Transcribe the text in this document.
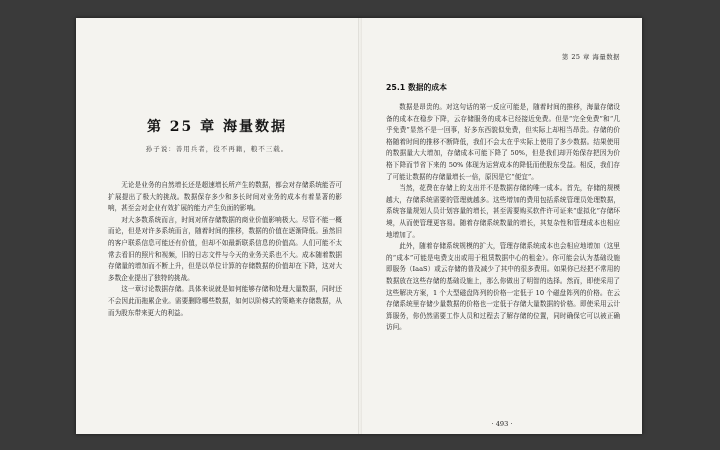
第 25 章 海量数据
孙子说：善用兵者，役不再籍，粮不三载。

无论是业务的自然增长还是超速增长所产生的数据，都会对存储系统能否可扩展提出了极大的挑战。数据保存多少和多长时间对业务的成本有着显著的影响，甚至会对企业有效扩展的能力产生负面的影响。

对大多数系统而言，时间对所存储数据的商业价值影响极大。尽管不能一概而论，但是对许多系统而言，随着时间的推移，数据的价值在逐渐降低。虽然旧的客户联系信息可能还有价值，但却不如最新联系信息的价值高。人们可能不太常去看旧的照片和视频，旧的日志文件与今天的业务关系也不大。成本随着数据存储量的增加而不断上升，但是以单位计算的存储数据的价值却在下降，这对大多数企业提出了独特的挑战。

这一章讨论数据存储。具体来说就是如何能够存储和处理大量数据，同时还不会因此而拖累企业。需要删除哪些数据，如何以阶梯式的策略来存储数据，从而为股东带来更大的利益。

第 25 章 海量数据
25.1 数据的成本

数据是昂贵的。对这句话的第一反应可能是，随着时间的推移，海量存储设备的成本在稳步下降，云存储服务的成本已经接近免费。但是“完全免费”和“几乎免费”显然不是一回事，好多东西貌似免费，但实际上却相当昂贵。存储的价格随着时间的推移不断降低，我们不会太在乎实际上使用了多少数据。结果使用的数据量大大增加，存储成本可能下降了 50%，但是我们却开始保存把因为价格下降而节省下来的 50% 体现为运营成本的降低而使股东受益。相反，我们存了可能让数据的存储量增长一倍，原因是它“便宜”。

当然，花费在存储上的支出并不是数据存储的唯一成本。首先，存储的规模越大，存储系统需要的管理就越多。这些增加的费用包括系统管理员处理数据，系统容量规划人员计划容量的增长，甚至需要购买软件许可证来“虚拟化”存储环境，从而使管理更容易。随着存储系统数量的增长，其复杂性和管理成本也相应地增加了。

此外，随着存储系统规模的扩大，管理存储系统成本也会相应地增加（这里的“成本”可能是电费支出或用于租赁数据中心的租金）。你可能会认为基础设施即服务（IaaS）或云存储的普及减少了其中的很多费用。如果你已经把不常用的数据放在这些存储的基础设施上，那么你做出了明智的选择。然而，即使采用了这些解决方案，1 个大型磁盘阵列的价格一定低于 10 个磁盘阵列的价格。在云存储系统里存储少量数据的价格也一定低于存储大量数据的价格。即使采用云计算服务，你仍然需要工作人员和过程去了解存储的位置，同时确保它可以被正确访问。

· 493 ·
